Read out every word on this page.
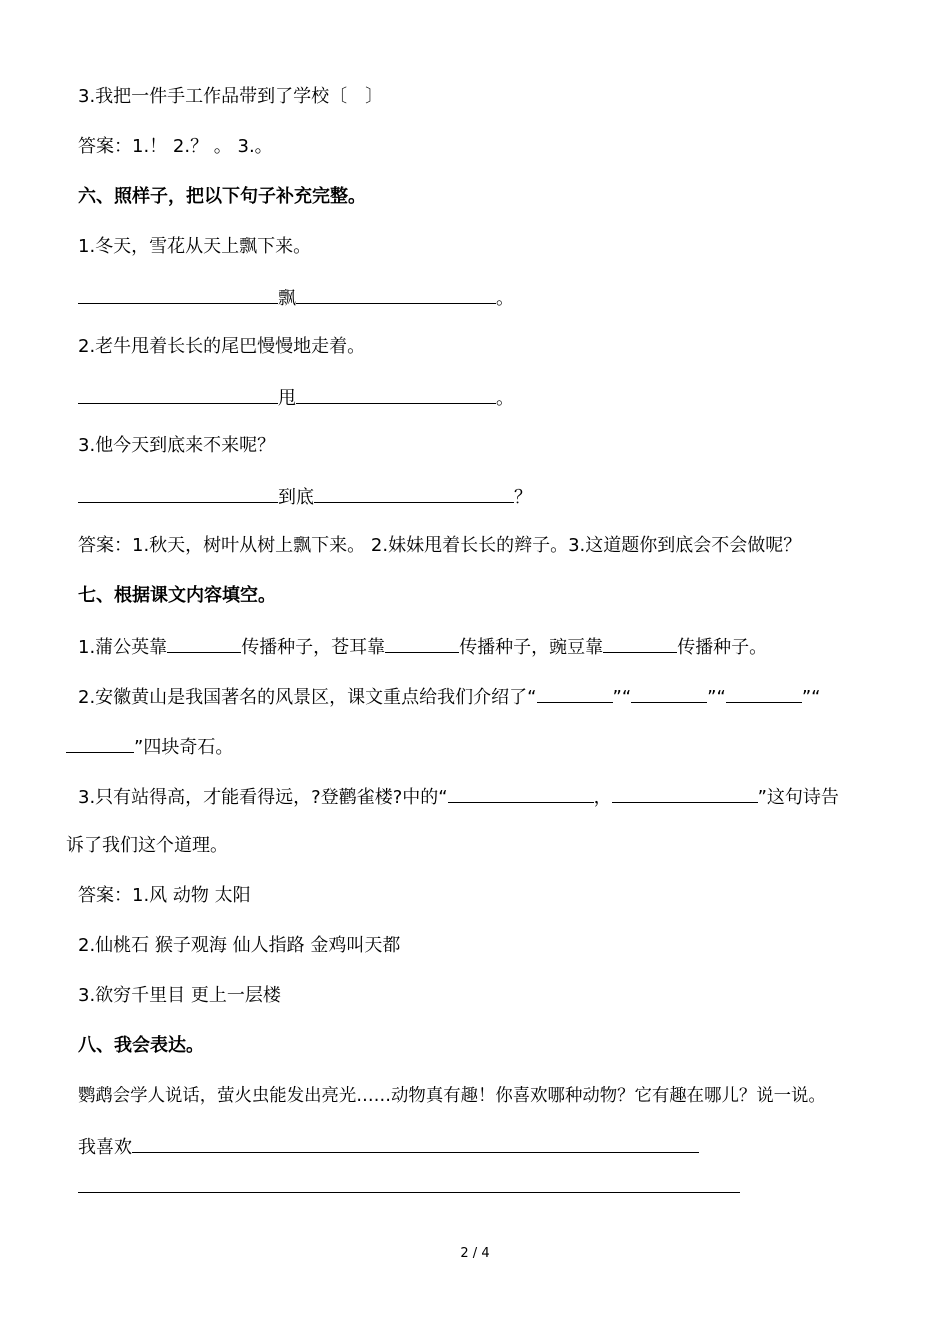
3.我把一件手工作品带到了学校〔　〕
答案：1.！ 2.？ 。 3.。
六、照样子，把以下句子补充完整。
1.冬天，雪花从天上飘下来。
飘	。
2.老牛甩着长长的尾巴慢慢地走着。
甩	。
3.他今天到底来不来呢？
到底	？
答案：1.秋天，树叶从树上飘下来。 2.妹妹甩着长长的辫子。3.这道题你到底会不会做呢？
七、根据课文内容填空。
1.蒲公英靠	传播种子，苍耳靠	传播种子，豌豆靠	传播种子。
2.安徽黄山是我国著名的风景区，课文重点给我们介绍了“	”“	”“	”“
”四块奇石。
3.只有站得高，才能看得远，?登鹳雀楼?中的“	，	”这句诗告
诉了我们这个道理。
答案：1.风 动物 太阳
2.仙桃石 猴子观海 仙人指路 金鸡叫天都
3.欲穷千里目 更上一层楼
八、我会表达。
鹦鹉会学人说话，萤火虫能发出亮光……动物真有趣！你喜欢哪种动物？它有趣在哪儿？说一说。
我喜欢
2 / 4
